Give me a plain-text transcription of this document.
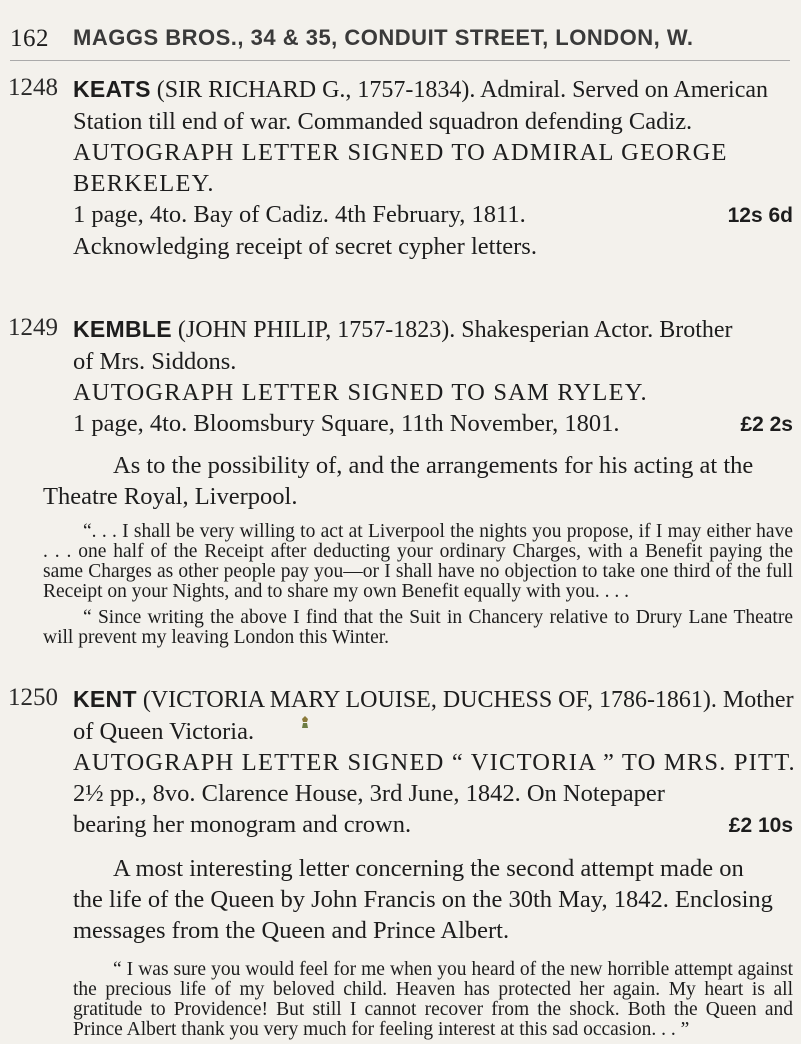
162 MAGGS BROS., 34 & 35, CONDUIT STREET, LONDON, W.
1248 KEATS (SIR RICHARD G., 1757-1834). Admiral. Served on American
Station till end of war. Commanded squadron defending Cadiz.
AUTOGRAPH LETTER SIGNED TO ADMIRAL GEORGE
BERKELEY.
1 page, 4to. Bay of Cadiz. 4th February, 1811.	12s 6d
Acknowledging receipt of secret cypher letters.
1249 KEMBLE (JOHN PHILIP, 1757-1823). Shakesperian Actor. Brother
of Mrs. Siddons.
AUTOGRAPH LETTER SIGNED TO SAM RYLEY.
1 page, 4to. Bloomsbury Square, 11th November, 1801.	£2 2s
As to the possibility of, and the arrangements for his acting at the
Theatre Royal, Liverpool.

“. . . I shall be very willing to act at Liverpool the nights you propose, if I may either have . . . one half of the Receipt after deducting your ordinary Charges, with a Benefit paying the same Charges as other people pay you—or I shall have no objection to take one third of the full Receipt on your Nights, and to share my own Benefit equally with you. . . .

“ Since writing the above I find that the Suit in Chancery relative to Drury Lane Theatre will prevent my leaving London this Winter.

1250 KENT (VICTORIA MARY LOUISE, DUCHESS OF, 1786-1861). Mother
of Queen Victoria.
AUTOGRAPH LETTER SIGNED “ VICTORIA ” TO MRS. PITT.
2½ pp., 8vo. Clarence House, 3rd June, 1842. On Notepaper
bearing her monogram and crown.	£2 10s
A most interesting letter concerning the second attempt made on
the life of the Queen by John Francis on the 30th May, 1842. Enclosing
messages from the Queen and Prince Albert.

“ I was sure you would feel for me when you heard of the new horrible attempt against the precious life of my beloved child. Heaven has protected her again. My heart is all gratitude to Providence! But still I cannot recover from the shock. Both the Queen and Prince Albert thank you very much for feeling interest at this sad occasion. . . ”
